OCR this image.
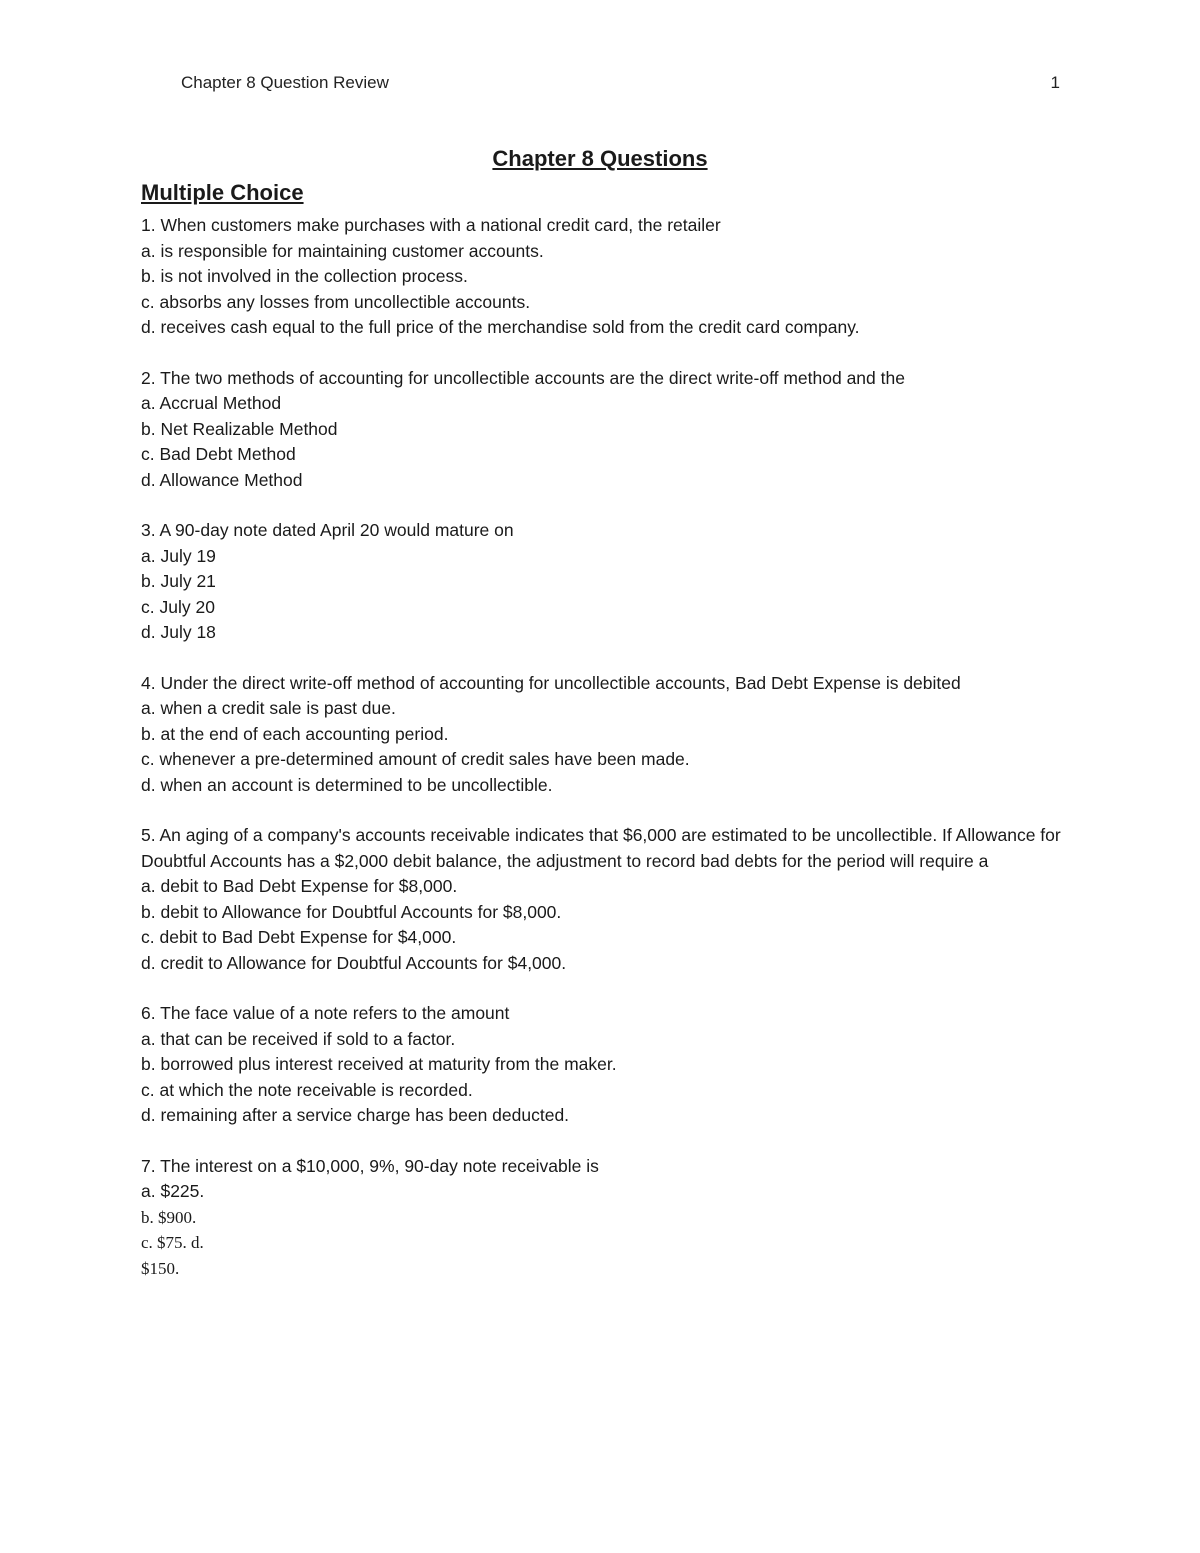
Chapter 8 Question Review	1
Chapter 8 Questions
Multiple Choice
1. When customers make purchases with a national credit card, the retailer
a. is responsible for maintaining customer accounts.
b. is not involved in the collection process.
c. absorbs any losses from uncollectible accounts.
d. receives cash equal to the full price of the merchandise sold from the credit card company.
2. The two methods of accounting for uncollectible accounts are the direct write-off method and the
a. Accrual Method
b. Net Realizable Method
c. Bad Debt Method
d. Allowance Method
3. A 90-day note dated April 20 would mature on
a. July 19
b. July 21
c. July 20
d. July 18
4. Under the direct write-off method of accounting for uncollectible accounts, Bad Debt Expense is debited
a. when a credit sale is past due.
b. at the end of each accounting period.
c. whenever a pre-determined amount of credit sales have been made.
d. when an account is determined to be uncollectible.
5. An aging of a company's accounts receivable indicates that $6,000 are estimated to be uncollectible. If Allowance for Doubtful Accounts has a $2,000 debit balance, the adjustment to record bad debts for the period will require a
a. debit to Bad Debt Expense for $8,000.
b. debit to Allowance for Doubtful Accounts for $8,000.
c. debit to Bad Debt Expense for $4,000.
d. credit to Allowance for Doubtful Accounts for $4,000.
6. The face value of a note refers to the amount
a. that can be received if sold to a factor.
b. borrowed plus interest received at maturity from the maker.
c. at which the note receivable is recorded.
d. remaining after a service charge has been deducted.
7. The interest on a $10,000, 9%, 90-day note receivable is
a. $225.
b. $900.
c. $75. d.
$150.
